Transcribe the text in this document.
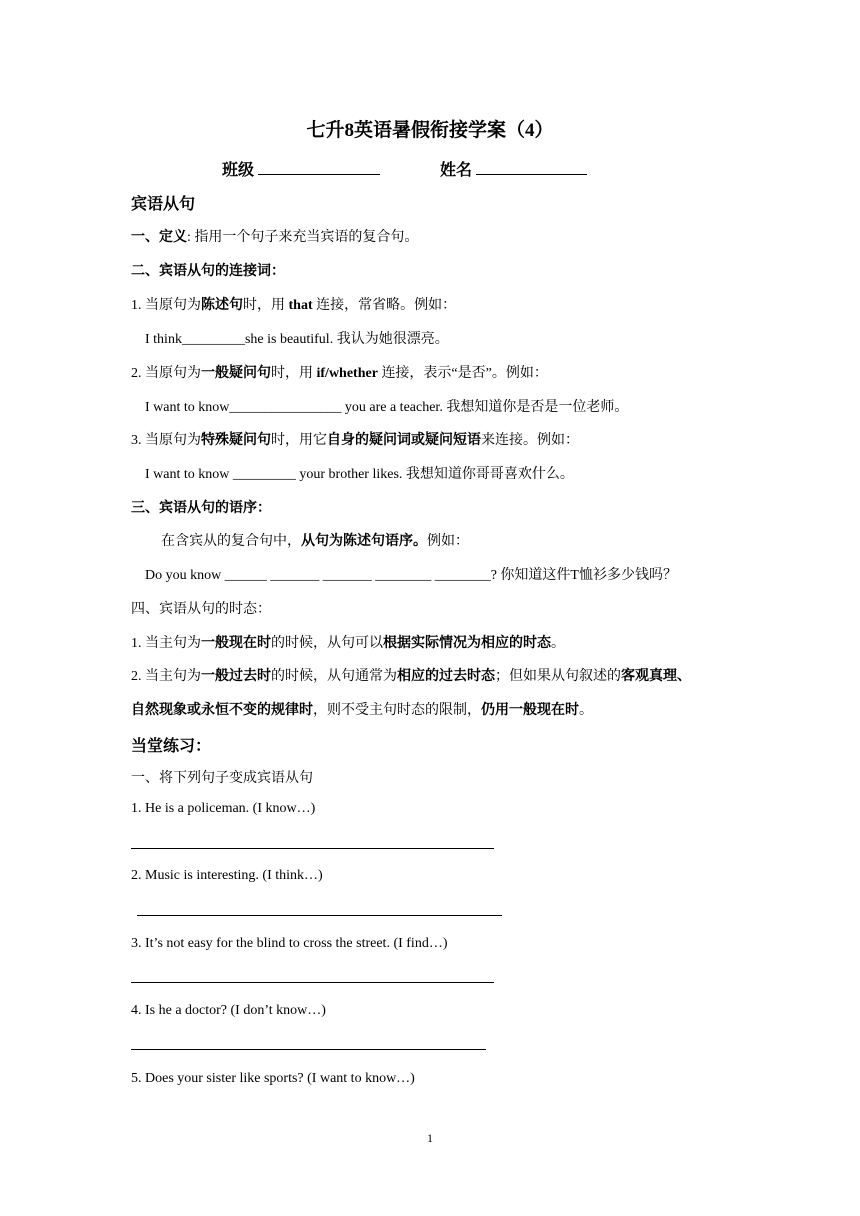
七升8英语暑假衔接学案（4）
班级	姓名
宾语从句
一、定义: 指用一个句子来充当宾语的复合句。
二、宾语从句的连接词：
1. 当原句为陈述句时，用 that 连接，常省略。例如：
I think_________she is beautiful. 我认为她很漂亮。
2. 当原句为一般疑问句时，用 if/whether 连接，表示“是否”。例如：
I want to know________________ you are a teacher. 我想知道你是否是一位老师。
3. 当原句为特殊疑问句时，用它自身的疑问词或疑问短语来连接。例如：
I want to know _________ your brother likes. 我想知道你哥哥喜欢什么。
三、宾语从句的语序：
在含宾从的复合句中，从句为陈述句语序。例如：
Do you know ______ _______ _______ ________ ________? 你知道这件T恤衫多少钱吗？
四、宾语从句的时态：
1. 当主句为一般现在时的时候，从句可以根据实际情况为相应的时态。
2. 当主句为一般过去时的时候，从句通常为相应的过去时态；但如果从句叙述的客观真理、
自然现象或永恒不变的规律时，则不受主句时态的限制，仍用一般现在时。
当堂练习：
一、将下列句子变成宾语从句
1. He is a policeman. (I know…)
2. Music is interesting. (I think…)
3. It’s not easy for the blind to cross the street. (I find…)
4. Is he a doctor? (I don’t know…)
5. Does your sister like sports? (I want to know…)
1
